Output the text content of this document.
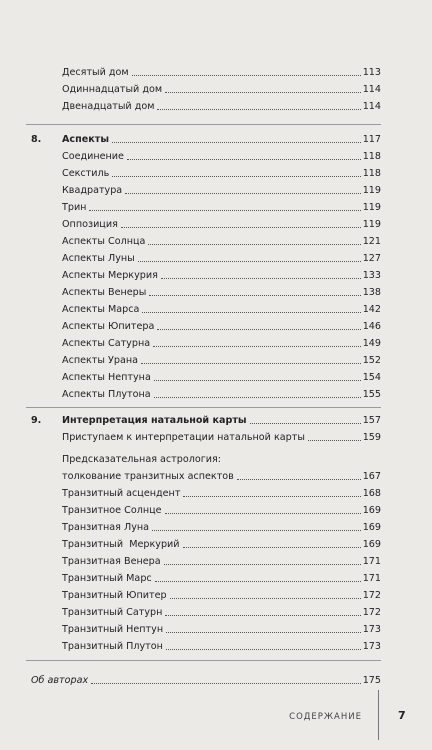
Десятый дом	113
Одиннадцатый дом	114
Двенадцатый дом	114
8. Аспекты	117
Соединение	118
Секстиль	118
Квадратура	119
Трин	119
Оппозиция	119
Аспекты Солнца	121
Аспекты Луны	127
Аспекты Меркурия	133
Аспекты Венеры	138
Аспекты Марса	142
Аспекты Юпитера	146
Аспекты Сатурна	149
Аспекты Урана	152
Аспекты Нептуна	154
Аспекты Плутона	155
9. Интерпретация натальной карты	157
Приступаем к интерпретации натальной карты	159
Предсказательная астрология:
толкование транзитных аспектов	167
Транзитный асцендент	168
Транзитное Солнце	169
Транзитная Луна	169
Транзитный  Меркурий	169
Транзитная Венера	171
Транзитный Марс	171
Транзитный Юпитер	172
Транзитный Сатурн	172
Транзитный Нептун	173
Транзитный Плутон	173
Об авторах	175
СОДЕРЖАНИЕ	7
